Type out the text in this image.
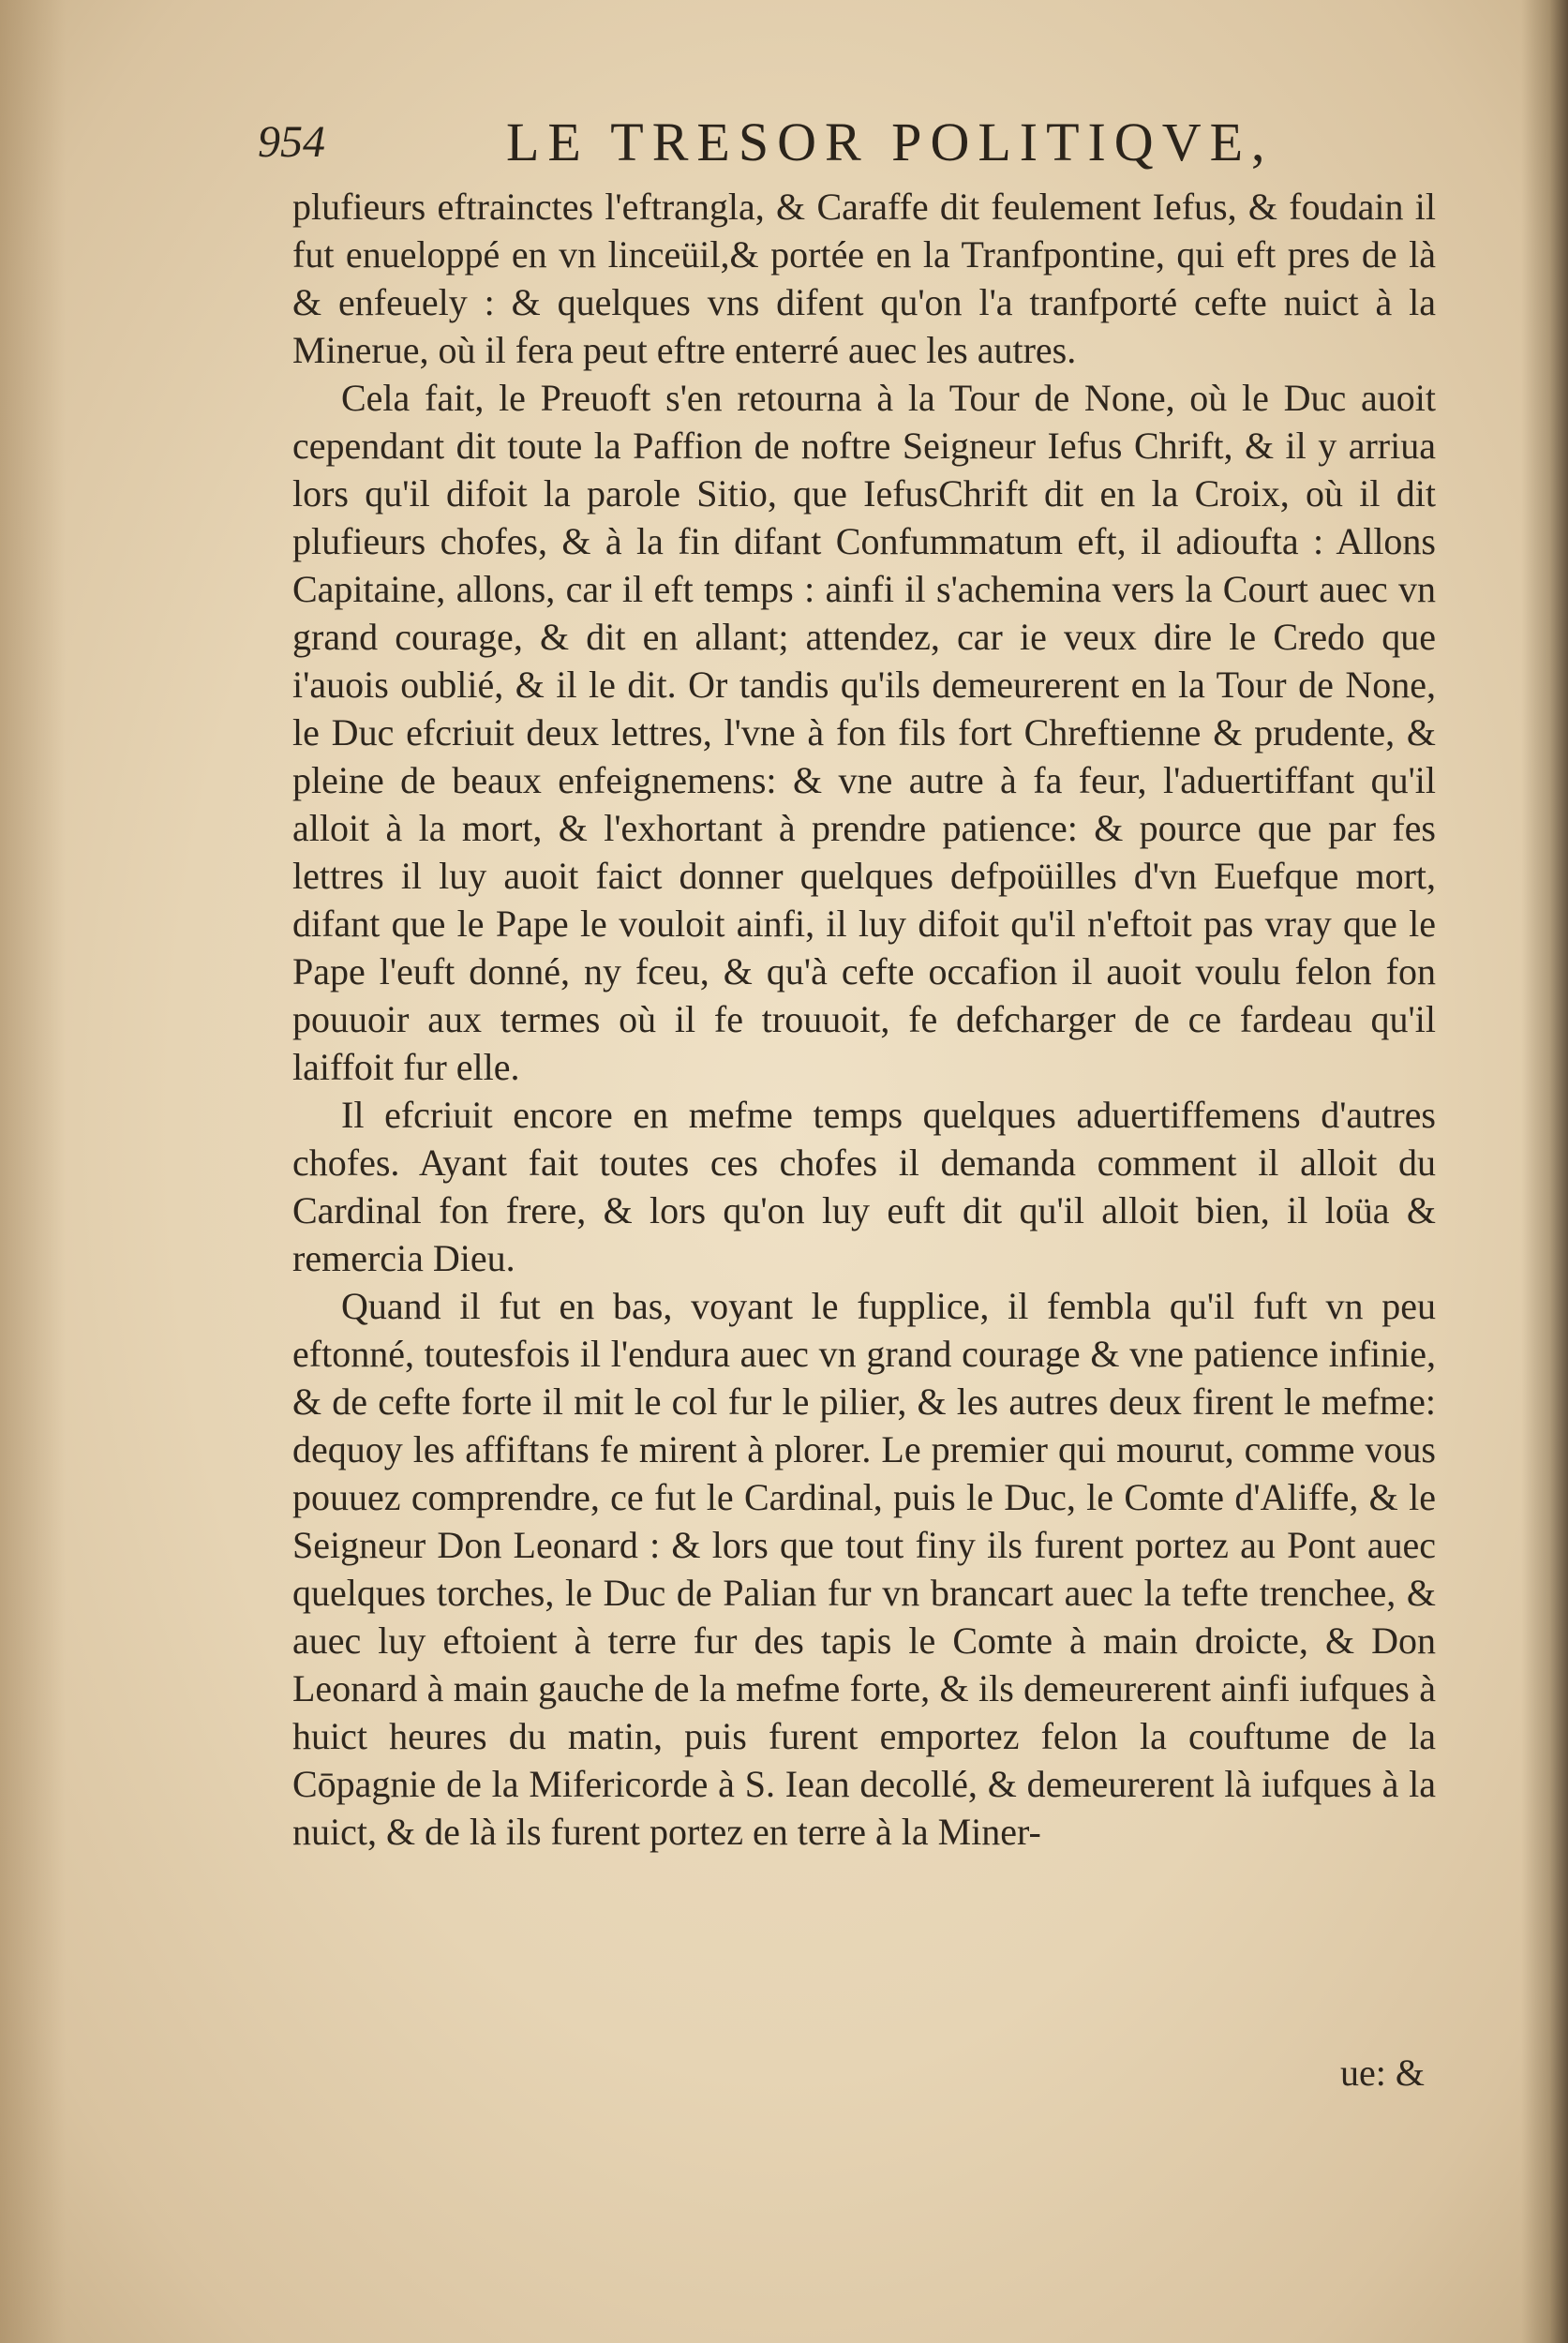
954	LE TRESOR POLITIQVE,

plufieurs eftrainctes l'eftrangla, & Caraffe dit feulement Iefus, & foudain il fut enueloppé en vn linceüil,& portée en la Tranfpontine, qui eft pres de là & enfeuely : & quelques vns difent qu'on l'a tranfporté cefte nuict à la Minerue, où il fera peut eftre enterré auec les autres.

Cela fait, le Preuoft s'en retourna à la Tour de None, où le Duc auoit cependant dit toute la Paffion de noftre Seigneur Iefus Chrift, & il y arriua lors qu'il difoit la parole Sitio, que IefusChrift dit en la Croix, où il dit plufieurs chofes, & à la fin difant Confummatum eft, il adioufta : Allons Capitaine, allons, car il eft temps : ainfi il s'achemina vers la Court auec vn grand courage, & dit en allant; attendez, car ie veux dire le Credo que i'auois oublié, & il le dit. Or tandis qu'ils demeurerent en la Tour de None, le Duc efcriuit deux lettres, l'vne à fon fils fort Chreftienne & prudente, & pleine de beaux enfeignemens: & vne autre à fa feur, l'aduertiffant qu'il alloit à la mort, & l'exhortant à prendre patience: & pource que par fes lettres il luy auoit faict donner quelques defpoüilles d'vn Euefque mort, difant que le Pape le vouloit ainfi, il luy difoit qu'il n'eftoit pas vray que le Pape l'euft donné, ny fceu, & qu'à cefte occafion il auoit voulu felon fon pouuoir aux termes où il fe trouuoit, fe defcharger de ce fardeau qu'il laiffoit fur elle.

Il efcriuit encore en mefme temps quelques aduertiffemens d'autres chofes. Ayant fait toutes ces chofes il demanda comment il alloit du Cardinal fon frere, & lors qu'on luy euft dit qu'il alloit bien, il loüa & remercia Dieu.

Quand il fut en bas, voyant le fupplice, il fembla qu'il fuft vn peu eftonné, toutesfois il l'endura auec vn grand courage & vne patience infinie, & de cefte forte il mit le col fur le pilier, & les autres deux firent le mefme: dequoy les affiftans fe mirent à plorer. Le premier qui mourut, comme vous pouuez comprendre, ce fut le Cardinal, puis le Duc, le Comte d'Aliffe, & le Seigneur Don Leonard : & lors que tout finy ils furent portez au Pont auec quelques torches, le Duc de Palian fur vn brancart auec la tefte trenchee, & auec luy eftoient à terre fur des tapis le Comte à main droicte, & Don Leonard à main gauche de la mefme forte, & ils demeurerent ainfi iufques à huict heures du matin, puis furent emportez felon la couftume de la Cōpagnie de la Mifericorde à S. Iean decollé, & demeurerent là iufques à la nuict, & de là ils furent portez en terre à la Miner-

ue: &
